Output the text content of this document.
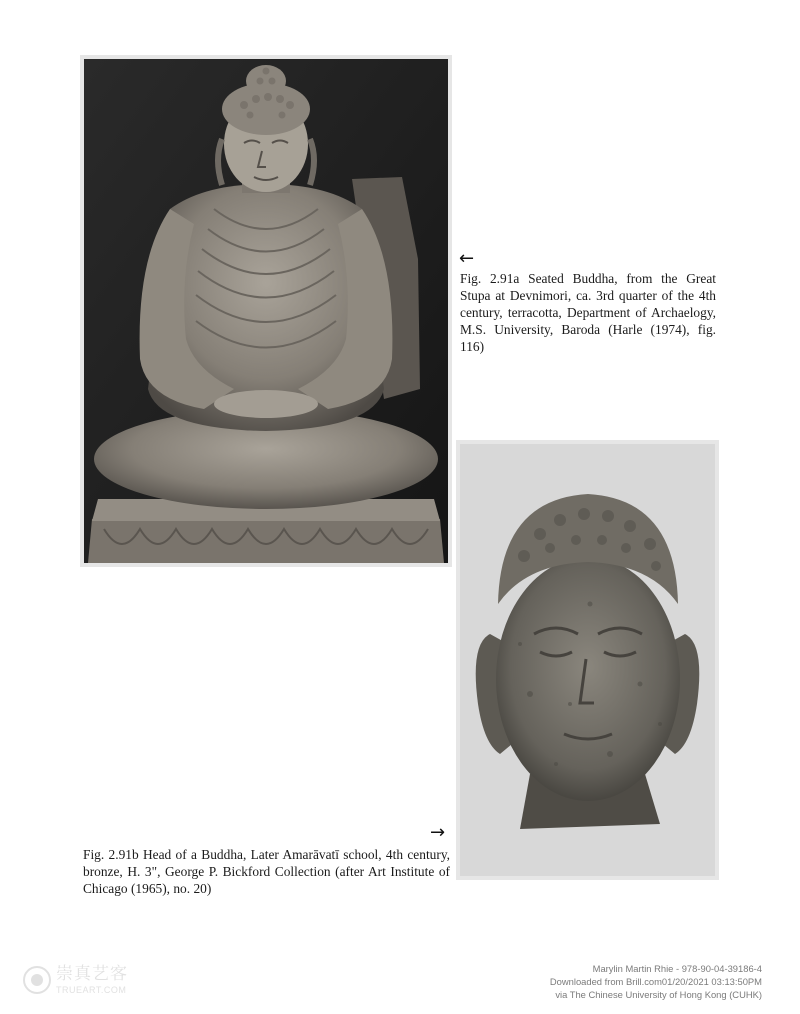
←
Fig. 2.91a Seated Buddha, from the Great Stupa at Devnimori, ca. 3rd quarter of the 4th century, terracotta, Department of Archaelogy, M.S. University, Baroda (Harle (1974), fig. 116)
→
Fig. 2.91b Head of a Buddha, Later Amarāvatī school, 4th century, bronze, H. 3", George P. Bickford Collection (after Art Institute of Chicago (1965), no. 20)
崇真艺客
TRUEART.COM
Marylin Martin Rhie - 978-90-04-39186-4
Downloaded from Brill.com01/20/2021 03:13:50PM
via The Chinese University of Hong Kong (CUHK)
